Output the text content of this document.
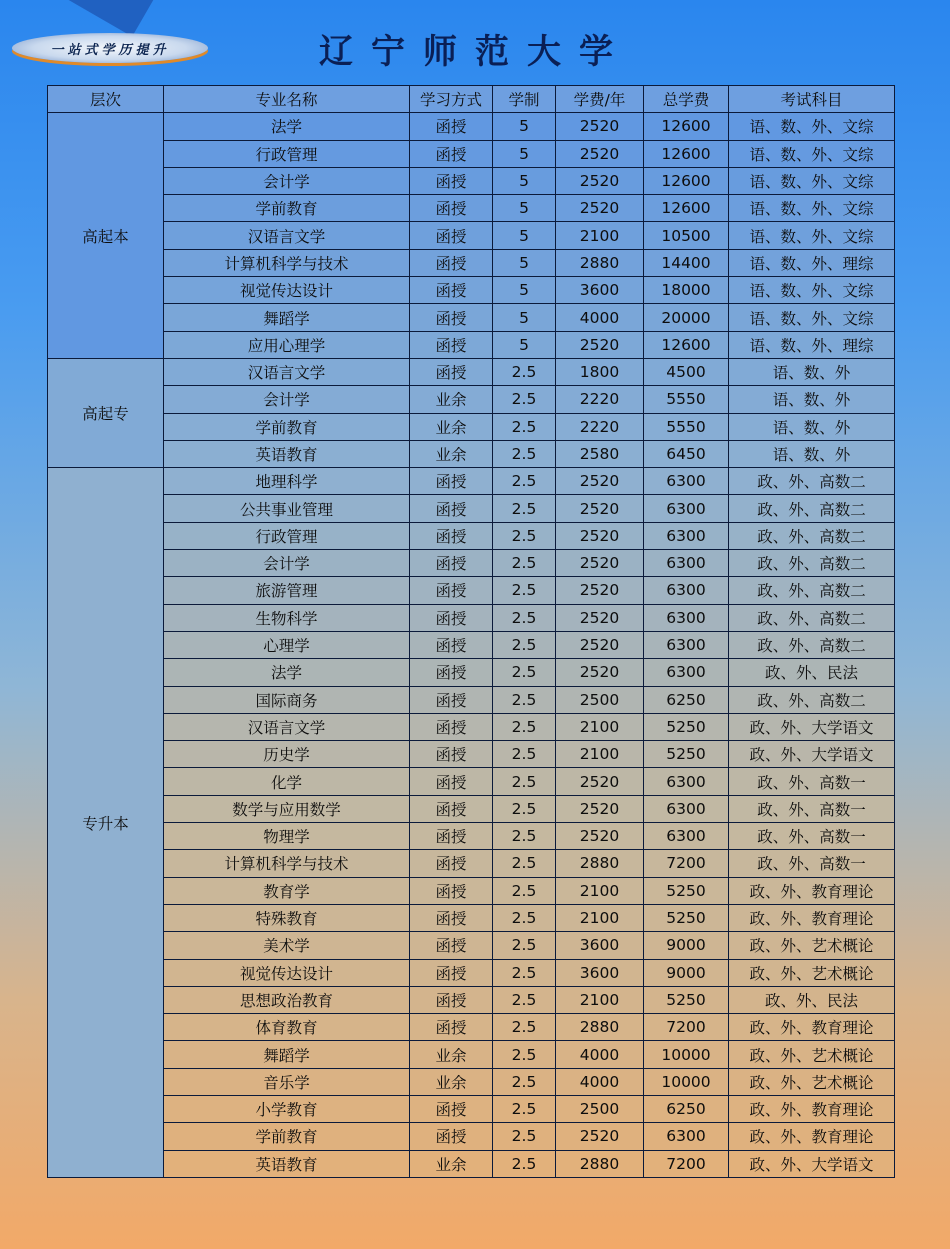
一站式学历提升	辽宁师范大学
层次	专业名称	学习方式	学制	学费/年	总学费	考试科目
高起本	法学	函授	5	2520	12600	语、数、外、文综
	行政管理	函授	5	2520	12600	语、数、外、文综
	会计学	函授	5	2520	12600	语、数、外、文综
	学前教育	函授	5	2520	12600	语、数、外、文综
	汉语言文学	函授	5	2100	10500	语、数、外、文综
	计算机科学与技术	函授	5	2880	14400	语、数、外、理综
	视觉传达设计	函授	5	3600	18000	语、数、外、文综
	舞蹈学	函授	5	4000	20000	语、数、外、文综
	应用心理学	函授	5	2520	12600	语、数、外、理综
高起专	汉语言文学	函授	2.5	1800	4500	语、数、外
	会计学	业余	2.5	2220	5550	语、数、外
	学前教育	业余	2.5	2220	5550	语、数、外
	英语教育	业余	2.5	2580	6450	语、数、外
专升本	地理科学	函授	2.5	2520	6300	政、外、高数二
	公共事业管理	函授	2.5	2520	6300	政、外、高数二
	行政管理	函授	2.5	2520	6300	政、外、高数二
	会计学	函授	2.5	2520	6300	政、外、高数二
	旅游管理	函授	2.5	2520	6300	政、外、高数二
	生物科学	函授	2.5	2520	6300	政、外、高数二
	心理学	函授	2.5	2520	6300	政、外、高数二
	法学	函授	2.5	2520	6300	政、外、民法
	国际商务	函授	2.5	2500	6250	政、外、高数二
	汉语言文学	函授	2.5	2100	5250	政、外、大学语文
	历史学	函授	2.5	2100	5250	政、外、大学语文
	化学	函授	2.5	2520	6300	政、外、高数一
	数学与应用数学	函授	2.5	2520	6300	政、外、高数一
	物理学	函授	2.5	2520	6300	政、外、高数一
	计算机科学与技术	函授	2.5	2880	7200	政、外、高数一
	教育学	函授	2.5	2100	5250	政、外、教育理论
	特殊教育	函授	2.5	2100	5250	政、外、教育理论
	美术学	函授	2.5	3600	9000	政、外、艺术概论
	视觉传达设计	函授	2.5	3600	9000	政、外、艺术概论
	思想政治教育	函授	2.5	2100	5250	政、外、民法
	体育教育	函授	2.5	2880	7200	政、外、教育理论
	舞蹈学	业余	2.5	4000	10000	政、外、艺术概论
	音乐学	业余	2.5	4000	10000	政、外、艺术概论
	小学教育	函授	2.5	2500	6250	政、外、教育理论
	学前教育	函授	2.5	2520	6300	政、外、教育理论
	英语教育	业余	2.5	2880	7200	政、外、大学语文
